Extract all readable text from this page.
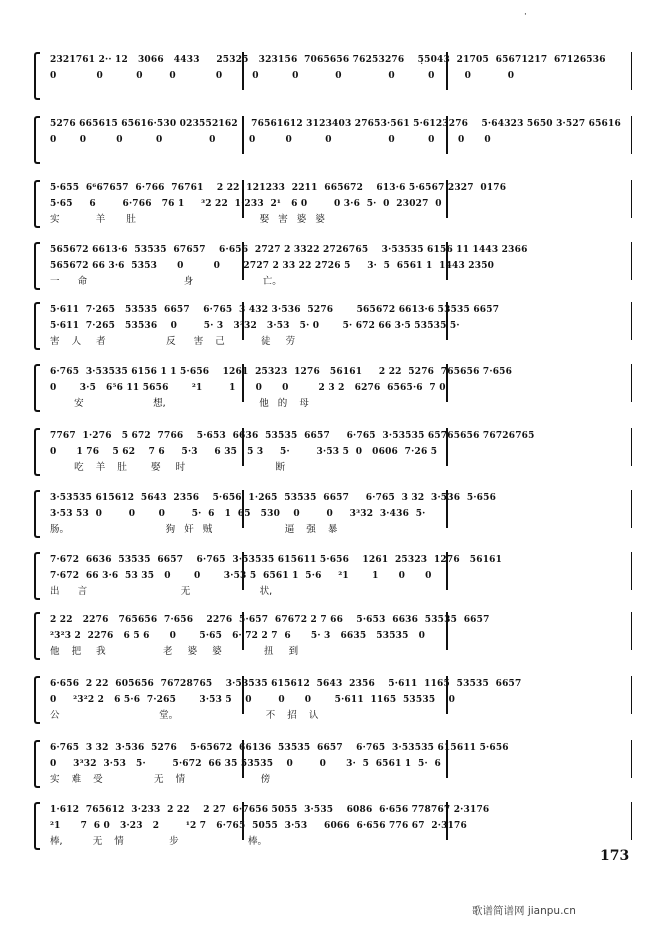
·
2321761 2·· 12   3066   4433     25325   323156  7065656 76253276    5̣5043  21705  65671217  67126536
0            0          0        0            0         0          0           0              0          0         0           0
5276 665615 65616·530 023552162    76561612 3123403 27653·561 5·6123276    5·64323 5650 3·527 65616
0       0         0          0              0          0         0          0                 0          0       0      0
5·655  6⁶67657  6·766  76761    2 22  121233  2211  665672    613·6 5·6567 2327  0176
5·65     6        6·766   76 1     ³2 22  1·233  2¹   6 0        0 3·6  5·  0  23027  0
实            羊       肚                                         娶   害   婆   婆
565672 6613·6  53535  67657    6·656  2727 2 3322 2726765    3·53535 6156 11 1443 2366
565672 66 3·6  5353      0         0       2727 2 33 22 2726 5     3·  5  6561 1  1443 2350
一      命                                身                       亡。
5·611  7·265   53535  6657    6·765  3 432 3·536  5276       565672 6613·6 53535 6657
5·611  7·265   53536    0        5· 3   3³32   3·53   5· 0       5· 672 66 3·5 53535 5·
害    人     者                    反      害    己            徒     劳
6·765  3·53535 6156 1 1 5·656    1261  25323  1276   56161     2 22  5276  765656 7·656
0       3·5   6⁵6 11 5656       ²1        1      0      0         2 3 2   6276  6565·6  7 0
安                       想,                               他   的    母
7767  1·276   5 672  7766    5·653  6636  53535  6657     6·765  3·53535 65765656 76726765
0      1 76    5 62    7 6     5·3     6 35   5 3     5·        3·53 5  0   0606  7·26 5
吃    羊    肚        娶     时                              断
3·53535 615612  5643  2356    5·656  1·265  53535  6657     6·765  3 32  3·536  5·656
3·53 53  0        0       0        5·  6   1  65   530    0        0     3³32  3·436  5·
肠。                                狗   奸   贼                        逼    强    暴
7·672  6636  53535  6657    6·765  3·53535 615611 5·656    1261  25323  1276   56161
7·672  66 3·6  53 35   0       0       3·53 5  6561 1  5·6     ²1       1      0      0
出      言                               无                       状,
2 22   2276   765656  7·656    2276  5·657  67672 2 7 66    5·653  6636  53535  6657
²3²3 2  2276   6 5 6      0       5·65   6· 72 2 7  6      5· 3   6635   53535   0
他    把     我                   老     婆     婆              扭     到
6·656  2 22  605656  76728765    3·53535 615612  5643  2356    5·611  1165  53535  6657
0     ²3²2 2   6 5·6  7·265       3·53 5    0        0      0       5·611  1165  53535    0
公                                 堂。                             不    招    认
6·765  3 32  3·536  5276    5·65672  66136  53535  6657    6·765  3·53535 615611 5·656
0     3³32  3·53   5·        5·672  66 35 53535    0        0      3·  5  6561 1  5·  6
实    难    受                 无    情                         傍
1·612  765612  3·233  2 22    2 27  6·7656 5055  3·535    6086  6·656 778767 2·3176
²1      7  6 0   3·23   2        ¹2 7   6·765  5055  3·53     6066  6·656 776 67  2·3176
棒,          无    情               步                       棒。
173
歌谱简谱网 jianpu.cn
